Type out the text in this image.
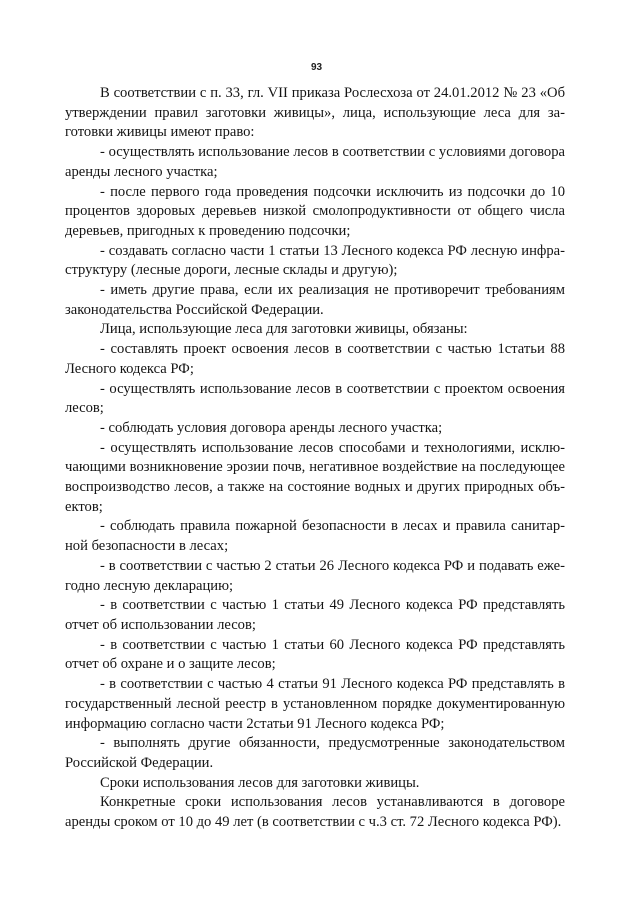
93

В соответствии с п. 33, гл. VII приказа Рослесхоза от 24.01.2012 № 23 «Об утверждении правил заготовки живицы», лица, использующие леса для заготовки живицы имеют право:

- осуществлять использование лесов в соответствии с условиями договора аренды лесного участка;

- после первого года проведения подсочки исключить из подсочки до 10 процентов здоровых деревьев низкой смолопродуктивности от общего числа деревьев, пригодных к проведению подсочки;

- создавать согласно части 1 статьи 13 Лесного кодекса РФ лесную инфраструктуру (лесные дороги, лесные склады и другую);

- иметь другие права, если их реализация не противоречит требованиям законодательства Российской Федерации.

Лица, использующие леса для заготовки живицы, обязаны:

- составлять проект освоения лесов в соответствии с частью 1статьи 88 Лесного кодекса РФ;

- осуществлять использование лесов в соответствии с проектом освоения лесов;

- соблюдать условия договора аренды лесного участка;

- осуществлять использование лесов способами и технологиями, исключающими возникновение эрозии почв, негативное воздействие на последующее воспроизводство лесов, а также на состояние водных и других природных объектов;

- соблюдать правила пожарной безопасности в лесах и правила санитарной безопасности в лесах;

- в соответствии с частью 2 статьи 26 Лесного кодекса РФ и подавать ежегодно лесную декларацию;

- в соответствии с частью 1 статьи 49 Лесного кодекса РФ представлять отчет об использовании лесов;

- в соответствии с частью 1 статьи 60 Лесного кодекса РФ представлять отчет об охране и о защите лесов;

- в соответствии с частью 4 статьи 91 Лесного кодекса РФ представлять в государственный лесной реестр в установленном порядке документированную информацию согласно части 2статьи 91 Лесного кодекса РФ;

- выполнять другие обязанности, предусмотренные законодательством Российской Федерации.

Сроки использования лесов для заготовки живицы.

Конкретные сроки использования лесов устанавливаются в договоре аренды сроком от 10 до 49 лет (в соответствии с ч.3 ст. 72 Лесного кодекса РФ).
